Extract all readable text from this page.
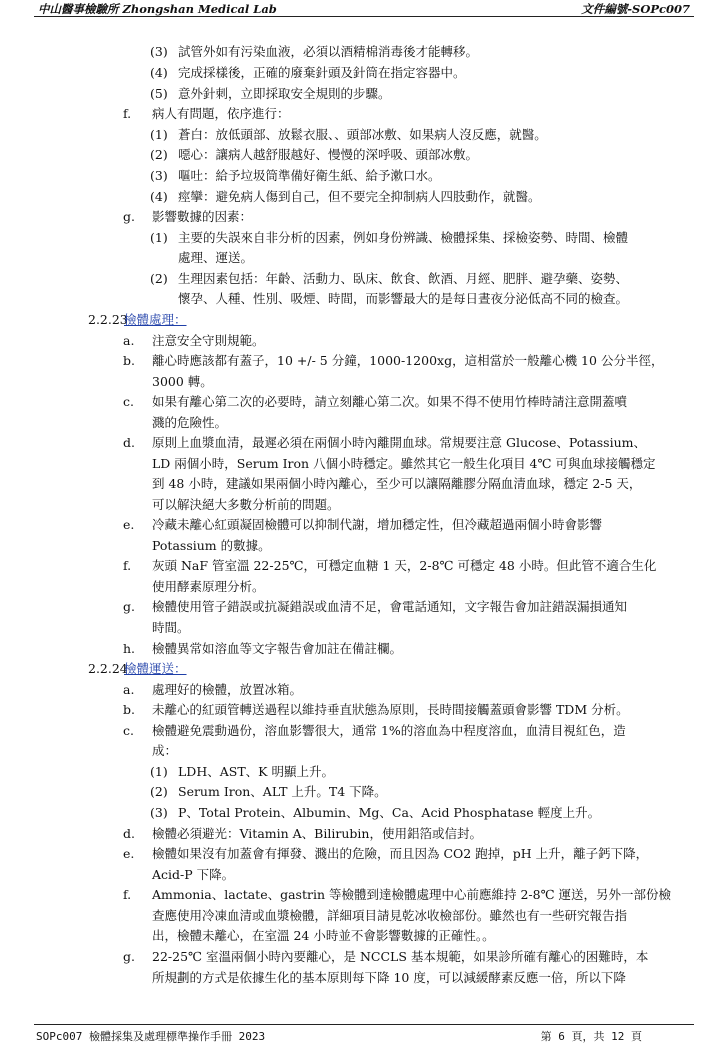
中山醫事檢驗所 Zhongshan Medical Lab	文件編號-SOPc007
(3) 試管外如有污染血液，必須以酒精棉消毒後才能轉移。
(4) 完成採樣後，正確的廢棄針頭及針筒在指定容器中。
(5) 意外針刺，立即採取安全規則的步驟。
f. 病人有問題，依序進行：
(1) 蒼白：放低頭部、放鬆衣服、、頭部冰敷、如果病人沒反應，就醫。
(2) 噁心：讓病人越舒服越好、慢慢的深呼吸、頭部冰敷。
(3) 嘔吐：給予垃圾筒準備好衛生紙、給予漱口水。
(4) 痙攣：避免病人傷到自己，但不要完全抑制病人四肢動作，就醫。
g. 影響數據的因素：
(1) 主要的失誤來自非分析的因素，例如身份辨識、檢體採集、採檢姿勢、時間、檢體
處理、運送。
(2) 生理因素包括：年齡、活動力、臥床、飲食、飲酒、月經、肥胖、避孕藥、姿勢、
懷孕、人種、性別、吸煙、時間，而影響最大的是每日晝夜分泌低高不同的檢查。
2.2.23
檢體處理：
a. 注意安全守則規範。
b. 離心時應該都有蓋子，10 +/- 5 分鐘，1000-1200xg，這相當於一般離心機 10 公分半徑，
3000 轉。
c. 如果有離心第二次的必要時，請立刻離心第二次。如果不得不使用竹棒時請注意開蓋噴
濺的危險性。
d. 原則上血漿血清，最遲必須在兩個小時內離開血球。常規要注意 Glucose、Potassium、
LD 兩個小時，Serum Iron 八個小時穩定。雖然其它一般生化項目 4℃ 可與血球接觸穩定
到 48 小時，建議如果兩個小時內離心，至少可以讓隔離膠分隔血清血球，穩定 2-5 天，
可以解決絕大多數分析前的問題。
e. 冷藏未離心紅頭凝固檢體可以抑制代謝，增加穩定性，但冷藏超過兩個小時會影響
Potassium 的數據。
f. 灰頭 NaF 管室溫 22-25℃，可穩定血糖 1 天，2-8℃ 可穩定 48 小時。但此管不適合生化
使用酵素原理分析。
g. 檢體使用管子錯誤或抗凝錯誤或血清不足，會電話通知，文字報告會加註錯誤漏損通知
時間。
h. 檢體異常如溶血等文字報告會加註在備註欄。
2.2.24
檢體運送：
a. 處理好的檢體，放置冰箱。
b. 未離心的紅頭管轉送過程以維持垂直狀態為原則，長時間接觸蓋頭會影響 TDM 分析。
c. 檢體避免震動過份，溶血影響很大，通常 1%的溶血為中程度溶血，血清目視紅色，造
成：
(1) LDH、AST、K 明顯上升。
(2) Serum Iron、ALT 上升。T4 下降。
(3) P、Total Protein、Albumin、Mg、Ca、Acid Phosphatase 輕度上升。
d. 檢體必須避光：Vitamin A、Bilirubin，使用鋁箔或信封。
e. 檢體如果沒有加蓋會有揮發、濺出的危險，而且因為 CO2 跑掉，pH 上升，離子鈣下降，
Acid-P 下降。
f. Ammonia、lactate、gastrin 等檢體到達檢體處理中心前應維持 2-8℃ 運送，另外一部份檢
查應使用冷凍血清或血漿檢體，詳細項目請見乾冰收檢部份。雖然也有一些研究報告指
出，檢體未離心，在室溫 24 小時並不會影響數據的正確性。。
g. 22-25℃ 室溫兩個小時內要離心，是 NCCLS 基本規範，如果診所確有離心的困難時，本
所規劃的方式是依據生化的基本原則每下降 10 度，可以減緩酵素反應一倍，所以下降
SOPc007 檢體採集及處理標準操作手冊 2023	第 6 頁，共 12 頁
